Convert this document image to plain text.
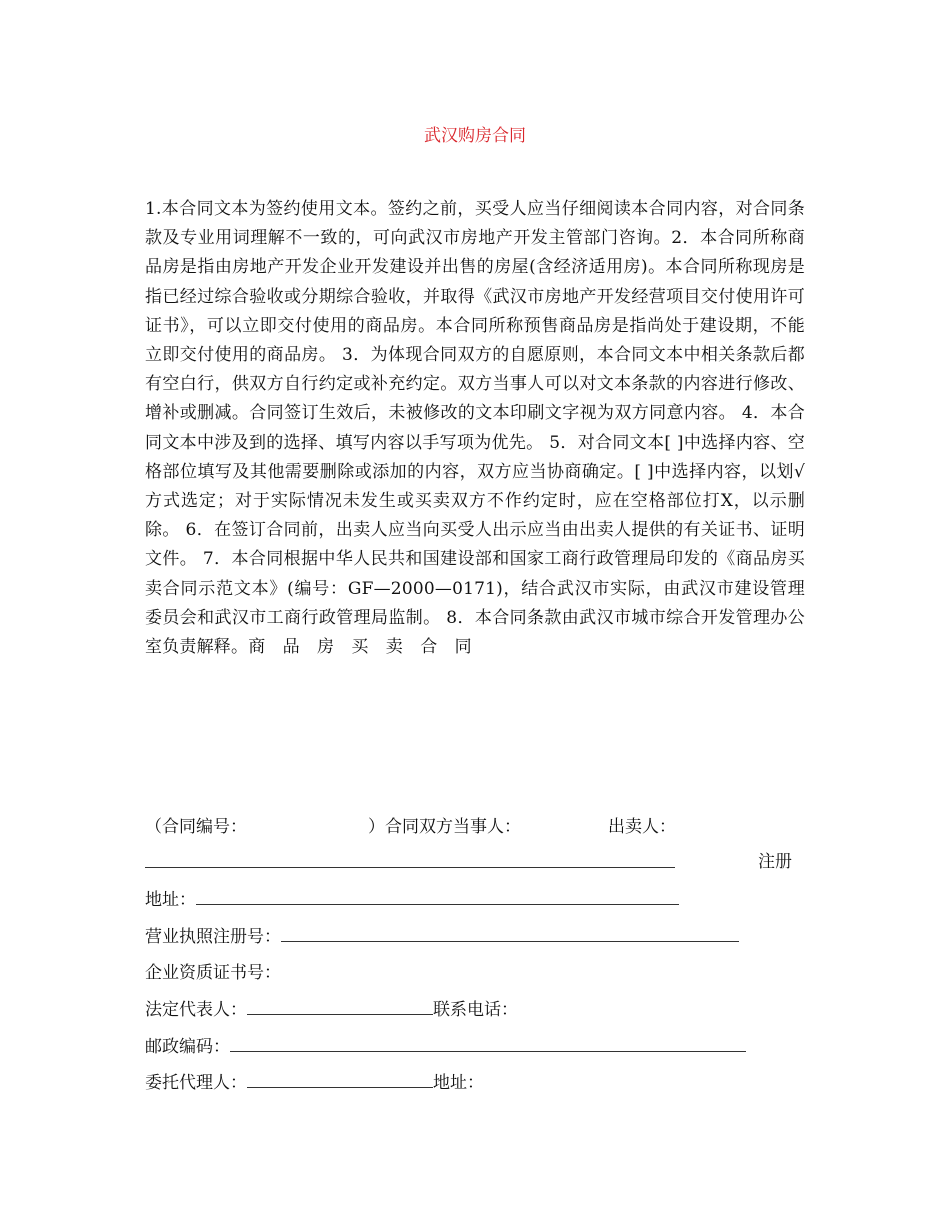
武汉购房合同
1.本合同文本为签约使用文本。签约之前，买受人应当仔细阅读本合同内容，对合同条款及专业用词理解不一致的，可向武汉市房地产开发主管部门咨询。2．本合同所称商品房是指由房地产开发企业开发建设并出售的房屋(含经济适用房)。本合同所称现房是指已经过综合验收或分期综合验收，并取得《武汉市房地产开发经营项目交付使用许可证书》，可以立即交付使用的商品房。本合同所称预售商品房是指尚处于建设期，不能立即交付使用的商品房。 3．为体现合同双方的自愿原则，本合同文本中相关条款后都有空白行，供双方自行约定或补充约定。双方当事人可以对文本条款的内容进行修改、增补或删减。合同签订生效后，未被修改的文本印刷文字视为双方同意内容。 4．本合同文本中涉及到的选择、填写内容以手写项为优先。 5．对合同文本[ ]中选择内容、空格部位填写及其他需要删除或添加的内容，双方应当协商确定。[ ]中选择内容，以划√方式选定；对于实际情况未发生或买卖双方不作约定时，应在空格部位打X，以示删除。 6．在签订合同前，出卖人应当向买受人出示应当由出卖人提供的有关证书、证明文件。 7．本合同根据中华人民共和国建设部和国家工商行政管理局印发的《商品房买卖合同示范文本》(编号：GF—2000—0171)，结合武汉市实际，由武汉市建设管理委员会和武汉市工商行政管理局监制。 8．本合同条款由武汉市城市综合开发管理办公室负责解释。商　品　房　买　卖　合　同
（合同编号：	）合同双方当事人：	出卖人：
注册
地址：
营业执照注册号：
企业资质证书号：
法定代表人：	联系电话：
邮政编码：
委托代理人：	地址：
